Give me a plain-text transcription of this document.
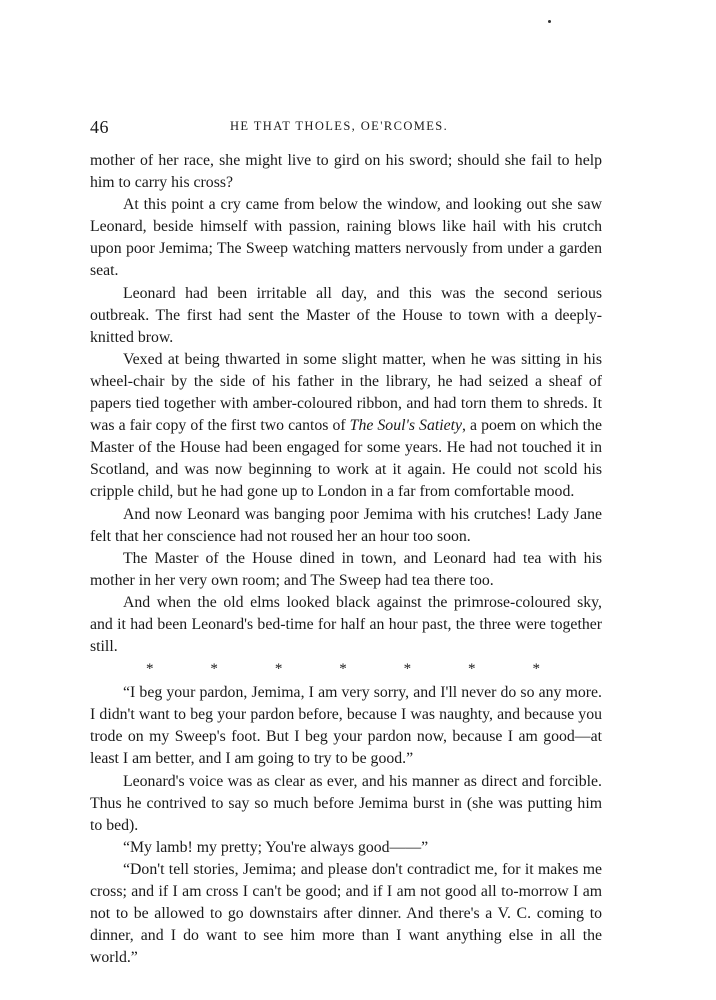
46	HE THAT THOLES, OE'RCOMES.

mother of her race, she might live to gird on his sword; should she fail to help him to carry his cross?

At this point a cry came from below the window, and looking out she saw Leonard, beside himself with passion, raining blows like hail with his crutch upon poor Jemima; The Sweep watching matters nervously from under a garden seat.

Leonard had been irritable all day, and this was the second serious outbreak. The first had sent the Master of the House to town with a deeply-knitted brow.

Vexed at being thwarted in some slight matter, when he was sitting in his wheel-chair by the side of his father in the library, he had seized a sheaf of papers tied together with amber-coloured ribbon, and had torn them to shreds. It was a fair copy of the first two cantos of The Soul's Satiety, a poem on which the Master of the House had been engaged for some years. He had not touched it in Scotland, and was now beginning to work at it again. He could not scold his cripple child, but he had gone up to London in a far from comfortable mood.

And now Leonard was banging poor Jemima with his crutches! Lady Jane felt that her conscience had not roused her an hour too soon.

The Master of the House dined in town, and Leonard had tea with his mother in her very own room; and The Sweep had tea there too.

And when the old elms looked black against the primrose-coloured sky, and it had been Leonard's bed-time for half an hour past, the three were together still.

*	*	*	*	*	*	*

“I beg your pardon, Jemima, I am very sorry, and I'll never do so any more. I didn't want to beg your pardon before, because I was naughty, and because you trode on my Sweep's foot. But I beg your pardon now, because I am good—at least I am better, and I am going to try to be good.”

Leonard's voice was as clear as ever, and his manner as direct and forcible. Thus he contrived to say so much before Jemima burst in (she was putting him to bed).

“My lamb! my pretty; You're always good——”

“Don't tell stories, Jemima; and please don't contradict me, for it makes me cross; and if I am cross I can't be good; and if I am not good all to-morrow I am not to be allowed to go downstairs after dinner. And there's a V. C. coming to dinner, and I do want to see him more than I want anything else in all the world.”
